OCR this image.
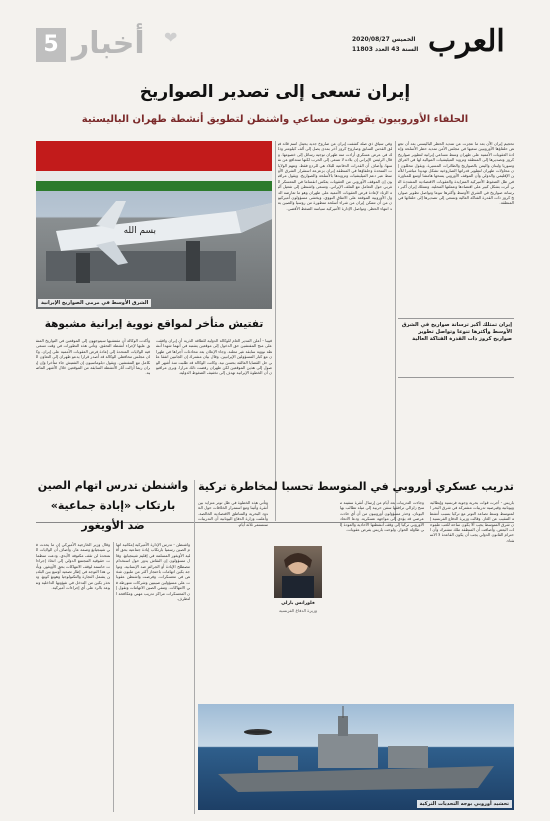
5 أخبار ❤	الخميس 2020/08/27
السنة 43 العدد 11803 العرب
إيران تسعى إلى تصدير الصواريخ
الحلفاء الأوروبيون يقوضون مساعي واشنطن لتطويق أنشطة طهران الباليستية
ﺑﺴﻢ ﺍﻟﻠﻪ
الشرق الأوسط في مرمى الصواريخ الإيرانية
ﺗﺤﺠﻴﻢ ﺇﻳﺮﺍﻥ ﺍﻵﻥ ﺑﻌﺪ ﻣﺎ ﻋﺠﺰﺕ ﻋﻦ ﺗﻤﺪﻳﺪ ﺍﻟﺤﻈﺮ ﺍﻟﺒﺎﻟﻴﺴﺘﻲ ﺑﻌﺪ ﺃﻥ ﺗﺠﻬﺾ ﺣﻠﻔﺎﺅﻫﺎ ﺍﻷﻭﺭﻭﺑﻴﻴﻦ ﺳﻌﻴﻬﺎ ﻓﻲ ﻣﺠﻠﺲ ﺍﻷﻣﻦ ﺗﻤﺪﻳﺪ ﺣﻈﺮ ﺍﻷﺳﻠﺤﺔ ﻭﺇﻋﺎﺩﺓ ﺍﻟﻌﻘﻮﺑﺎﺕ ﺍﻷﻣﻤﻴﺔ ﻋﻠﻰ ﻃﻬﺮﺍﻥ ﻭﺳﻂ ﻣﺴﺎﻋﻲ ﺇﻳﺮﺍﻧﻴﺔ ﻟﺘﻄﻮﻳﺮ ﺻﻮﺍﺭﻳﺦ ﻛﺮﻭﺯ ﻭﺗﺼﺪﻳﺮﻫﺎ ﺇﻟﻰ ﺍﻟﻤﻨﻄﻘﺔ ﻭﺗﺰﻭﻳﺪ ﺍﻟﻤﻴﻠﻴﺸﻴﺎﺕ ﺍﻟﻤﻮﺍﻟﻴﺔ ﻟﻬﺎ ﻓﻲ ﺍﻟﻌﺮﺍﻕ ﻭﺳﻮﺭﻳﺎ ﻭﻟﺒﻨﺎﻥ ﻭﺍﻟﻴﻤﻦ ﺑﺎﻟﺼﻮﺍﺭﻳﺦ ﻭﺍﻟﻄﺎﺋﺮﺍﺕ ﺍﻟﻤﺴﻴﺮﺓ. ﻭﻳﻘﻮﻝ ﻣﺤﻠﻠﻮﻥ ﺇﻥ ﻣﺤﺎﻭﻻﺕ ﻃﻬﺮﺍﻥ ﻟﺘﻄﻮﻳﺮ ﻗﺪﺭﺍﺗﻬﺎ ﺍﻟﺼﺎﺭﻭﺧﻴﺔ ﺗﺸﻜﻞ ﺗﻬﺪﻳﺪﺍ ﻣﺒﺎﺷﺮﺍ ﻟﻸﻣﻦ ﺍﻹﻗﻠﻴﻤﻲ ﻭﺍﻟﺪﻭﻟﻲ ﻭﺃﻥ ﺍﻟﻤﻮﻗﻒ ﺍﻷﻭﺭﻭﺑﻲ ﻳﻤﻨﺤﻬﺎ ﻫﺎﻣﺸﺎ ﺃﻭﺳﻊ ﻟﻠﻤﻨﺎﻭﺭﺓ ﻓﻲ ﻇﻞ ﺍﻟﻀﻐﻮﻁ ﺍﻷﻣﻴﺮﻛﻴﺔ ﺍﻟﻤﺘﺰﺍﻳﺪﺓ ﻭﺍﻟﻌﻘﻮﺑﺎﺕ ﺍﻻﻗﺘﺼﺎﺩﻳﺔ ﺍﻟﻤﺸﺪﺩﺓ ﺍﻟﺘﻲ ﺃﺛﺮﺕ ﺑﺸﻜﻞ ﻛﺒﻴﺮ ﻋﻠﻰ ﺍﻗﺘﺼﺎﺩﻫﺎ ﻭﻋﻤﻠﺘﻬﺎ ﺍﻟﻤﺤﻠﻴﺔ. ﻭﺗﻤﺘﻠﻚ ﺇﻳﺮﺍﻥ ﺃﻛﺒﺮ ﺗﺮﺳﺎﻧﺔ ﺻﻮﺍﺭﻳﺦ ﻓﻲ ﺍﻟﺸﺮﻕ ﺍﻷﻭﺳﻂ ﻭﺃﻛﺜﺮﻫﺎ ﺗﻨﻮﻋﺎ ﻭﺗﻮﺍﺻﻞ ﺗﻄﻮﻳﺮ ﺻﻮﺍﺭﻳﺦ ﻛﺮﻭﺯ ﺫﺍﺕ ﺍﻟﻘﺪﺭﺓ ﺍﻟﻔﺘﺎﻛﺔ ﺍﻟﻌﺎﻟﻴﺔ ﻭﺗﺴﻌﻰ ﺇﻟﻰ ﺗﺼﺪﻳﺮﻫﺎ ﺇﻟﻰ ﺣﻠﻔﺎﺋﻬﺎ ﻓﻲ ﺍﻟﻤﻨﻄﻘﺔ.
ﻭﻓﻲ ﺳﻴﺎﻕ ﺫﻱ ﺻﻠﺔ ﻛﺸﻔﺖ ﺇﻳﺮﺍﻥ ﻋﻦ ﺻﺎﺭﻭﺥ ﺟﺪﻳﺪ ﻳﺤﻤﻞ ﺍﺳﻢ ﻗﺎﺋﺪ ﻓﻴﻠﻖ ﺍﻟﻘﺪﺱ ﺍﻟﺴﺎﺑﻖ ﻭﺻﺎﺭﻭﺥ ﻛﺮﻭﺯ ﺁﺧﺮ ﺑﻤﺪﻯ ﻳﺼﻞ ﺇﻟﻰ ﺃﻟﻒ ﻛﻴﻠﻮﻣﺘﺮ ﻭﺫﻟﻚ ﻓﻲ ﻋﺮﺽ ﻋﺴﻜﺮﻱ ﺃﺭﺍﺩﺕ ﻣﻨﻪ ﻃﻬﺮﺍﻥ ﺗﻮﺟﻴﻪ ﺭﺳﺎﺋﻞ ﺇﻟﻰ ﺧﺼﻮﻣﻬﺎ. ﻭﻗﺎﻝ ﺍﻟﺮﺋﻴﺲ ﺍﻹﻳﺮﺍﻧﻲ ﺇﻥ ﺑﻼﺩﻩ ﻻ ﺗﺴﻌﻰ ﺇﻟﻰ ﺍﻟﺤﺮﺏ ﻟﻜﻨﻬﺎ ﺳﺘﺪﺍﻓﻊ ﻋﻦ ﻧﻔﺴﻬﺎ. ﻭﺃﺿﺎﻑ ﺃﻥ ﺍﻟﻘﺪﺭﺍﺕ ﺍﻟﺪﻓﺎﻋﻴﺔ ﻟﻠﺒﻼﺩ ﻫﻲ ﻟﻠﺮﺩﻉ ﻓﻘﻂ. ﻭﺗﺘﻬﻢ ﺍﻟﻮﻻﻳﺎﺕ ﺍﻟﻤﺘﺤﺪﺓ ﻭﺣﻠﻔﺎﺅﻫﺎ ﻓﻲ ﺍﻟﻤﻨﻄﻘﺔ ﺇﻳﺮﺍﻥ ﺑﺰﻋﺰﻋﺔ ﺍﺳﺘﻘﺮﺍﺭ ﺍﻟﺸﺮﻕ ﺍﻷﻭﺳﻂ ﻋﺒﺮ ﺩﻋﻢ ﺍﻟﻤﻴﻠﻴﺸﻴﺎﺕ ﻭﺗﺰﻭﻳﺪﻫﺎ ﺑﺎﻷﺳﻠﺤﺔ ﻭﺍﻟﺼﻮﺍﺭﻳﺦ. ﻭﻳﻘﻮﻝ ﻣﺮﺍﻗﺒﻮﻥ ﺇﻥ ﺍﻟﻤﻮﻗﻒ ﺍﻷﻭﺭﻭﺑﻲ ﻣﻦ ﺍﻟﻌﻘﻮﺑﺎﺕ ﻳﻌﻜﺲ ﺍﻧﻘﺴﺎﻣﺎ ﻓﻲ ﺍﻟﻤﻌﺴﻜﺮ ﺍﻟﻐﺮﺑﻲ ﺣﻮﻝ ﺍﻟﺘﻌﺎﻣﻞ ﻣﻊ ﺍﻟﻤﻠﻒ ﺍﻹﻳﺮﺍﻧﻲ. ﻭﺗﺴﻌﻰ ﻭﺍﺷﻨﻄﻦ ﺇﻟﻰ ﺗﻔﻌﻴﻞ ﺁﻟﻴﺔ ﺍﻟﺰﻧﺎﺩ ﻹﻋﺎﺩﺓ ﻓﺮﺽ ﺍﻟﻌﻘﻮﺑﺎﺕ ﺍﻷﻣﻤﻴﺔ ﻋﻠﻰ ﻃﻬﺮﺍﻥ ﻭﻫﻮ ﻣﺎ ﺗﻌﺎﺭﺿﻪ ﺍﻟﺪﻭﻝ ﺍﻷﻭﺭﻭﺑﻴﺔ ﺍﻟﻤﻮﻗﻌﺔ ﻋﻠﻰ ﺍﻻﺗﻔﺎﻕ ﺍﻟﻨﻮﻭﻱ. ﻭﻳﺨﺸﻰ ﻣﺴﺆﻭﻟﻮﻥ ﺃﻣﻴﺮﻛﻴﻮﻥ ﻣﻦ ﺃﻥ ﺗﺘﻤﻜﻦ ﺇﻳﺮﺍﻥ ﻣﻦ ﺷﺮﺍﺀ ﺃﺳﻠﺤﺔ ﻣﺘﻄﻮﺭﺓ ﻣﻦ ﺭﻭﺳﻴﺎ ﻭﺍﻟﺼﻴﻦ ﺑﻌﺪ ﺍﻧﺘﻬﺎﺀ ﺍﻟﺤﻈﺮ. ﻭﺗﻮﺍﺻﻞ ﺍﻹﺩﺍﺭﺓ ﺍﻷﻣﻴﺮﻛﻴﺔ ﺳﻴﺎﺳﺔ ﺍﻟﻀﻐﻂ ﺍﻷﻗﺼﻰ.
إيران تمتلك أكبر ترسانة صواريخ في الشرق الأوسط وأكثرها تنوعا وتواصل تطوير صواريخ كروز ذات القدرة الفتاكة العالية
تفتيش متأخر لمواقع نووية إيرانية مشبوهة
ﻓﻴﻴﻨﺎ - ﺃﻋﻠﻦ ﺍﻟﻤﺪﻳﺮ ﺍﻟﻌﺎﻡ ﻟﻠﻮﻛﺎﻟﺔ ﺍﻟﺪﻭﻟﻴﺔ ﻟﻠﻄﺎﻗﺔ ﺍﻟﺬﺭﻳﺔ ﺃﻥ ﺇﻳﺮﺍﻥ ﻭﺍﻓﻘﺖ ﻋﻠﻰ ﻣﻨﺢ ﺍﻟﻤﻔﺘﺸﻴﻦ ﺣﻖ ﺍﻟﺪﺧﻮﻝ ﺇﻟﻰ ﻣﻮﻗﻌﻴﻦ ﻳﺸﺘﺒﻪ ﻓﻲ ﺃﻧﻬﻤﺎ ﺷﻬﺪﺍ ﺃﻧﺸﻄﺔ ﻧﻮﻭﻳﺔ ﺳﺎﺑﻘﺔ ﻏﻴﺮ ﻣﻌﻠﻨﺔ. ﻭﺟﺎﺀ ﺍﻹﻋﻼﻥ ﺑﻌﺪ ﻣﺤﺎﺩﺛﺎﺕ ﺃﺟﺮﺍﻫﺎ ﻓﻲ ﻃﻬﺮﺍﻥ ﻣﻊ ﻛﺒﺎﺭ ﺍﻟﻤﺴﺆﻭﻟﻴﻦ ﺍﻹﻳﺮﺍﻧﻴﻴﻦ. ﻭﻗﺎﻝ ﺑﻴﺎﻥ ﻣﺸﺘﺮﻙ ﺇﻥ ﺍﻟﺠﺎﻧﺒﻴﻦ ﺍﺗﻔﻘﺎ ﻋﻠﻰ ﺣﻞ ﺍﻟﻘﻀﺎﻳﺎ ﺍﻟﻌﺎﻟﻘﺔ ﺑﺤﺴﻦ ﻧﻴﺔ. ﻭﻛﺎﻧﺖ ﺍﻟﻮﻛﺎﻟﺔ ﻗﺪ ﻃﻠﺒﺖ ﻣﻨﺬ ﺃﺷﻬﺮ ﺍﻟﻮﺻﻮﻝ ﺇﻟﻰ ﻫﺬﻳﻦ ﺍﻟﻤﻮﻗﻌﻴﻦ ﻟﻜﻦ ﻃﻬﺮﺍﻥ ﺭﻓﻀﺖ ﺫﻟﻚ ﻣﺮﺍﺭﺍ. ﻭﻳﺮﻯ ﻣﺮﺍﻗﺒﻮﻥ ﺃﻥ ﺍﻟﺨﻄﻮﺓ ﺍﻹﻳﺮﺍﻧﻴﺔ ﺗﻬﺪﻑ ﺇﻟﻰ ﺗﺨﻔﻴﻒ ﺍﻟﻀﻐﻮﻁ ﺍﻟﺪﻭﻟﻴﺔ.
ﻭﺃﻛﺪﺕ ﺍﻟﻮﻛﺎﻟﺔ ﺃﻥ ﻣﻔﺘﺸﻴﻬﺎ ﺳﻴﺘﻮﺟﻬﻮﻥ ﺇﻟﻰ ﺍﻟﻤﻮﻗﻌﻴﻦ ﻓﻲ ﺍﻟﺘﻮﺍﺭﻳﺦ ﺍﻟﻤﺘﻔﻖ ﻋﻠﻴﻬﺎ ﻹﺟﺮﺍﺀ ﺃﻧﺸﻄﺔ ﺍﻟﺘﺤﻘﻖ. ﻭﺗﺄﺗﻲ ﻫﺬﻩ ﺍﻟﺘﻄﻮﺭﺍﺕ ﻓﻲ ﻭﻗﺖ ﺗﺴﻌﻰ ﻓﻴﻪ ﺍﻟﻮﻻﻳﺎﺕ ﺍﻟﻤﺘﺤﺪﺓ ﺇﻟﻰ ﺇﻋﺎﺩﺓ ﻓﺮﺽ ﺍﻟﻌﻘﻮﺑﺎﺕ ﺍﻷﻣﻤﻴﺔ ﻋﻠﻰ ﺇﻳﺮﺍﻥ. ﻭﻛﺎﻥ ﻣﺠﻠﺲ ﻣﺤﺎﻓﻈﻲ ﺍﻟﻮﻛﺎﻟﺔ ﻗﺪ ﺃﺻﺪﺭ ﻗﺮﺍﺭﺍ ﻳﺪﻋﻮ ﻃﻬﺮﺍﻥ ﺇﻟﻰ ﺍﻟﺘﻌﺎﻭﻥ ﺍﻟﻜﺎﻣﻞ ﻣﻊ ﺍﻟﻤﻔﺘﺸﻴﻦ. ﻭﻳﻘﻮﻝ ﺩﺑﻠﻮﻣﺎﺳﻴﻮﻥ ﺇﻥ ﺍﻟﺘﻔﺘﻴﺶ ﺟﺎﺀ ﻣﺘﺄﺧﺮﺍ ﻭﺇﻥ ﺇﻳﺮﺍﻥ ﺭﺑﻤﺎ ﺃﺯﺍﻟﺖ ﺁﺛﺎﺭ ﺍﻷﻧﺸﻄﺔ ﺍﻟﺴﺎﺑﻘﺔ ﻣﻦ ﺍﻟﻤﻮﻗﻌﻴﻦ ﺧﻼﻝ ﺍﻷﺷﻬﺮ ﺍﻟﻤﺎﺿﻴﺔ.
تدريب عسكري أوروبي في المتوسط تحسبا لمخاطرة تركية
فلورانس بارلي
وزيرة الدفاع الفرنسية
ﺑﺎﺭﻳﺲ - ﺃﺟﺮﺕ ﻗﻮﺍﺕ ﺑﺤﺮﻳﺔ ﻭﺟﻮﻳﺔ ﻓﺮﻧﺴﻴﺔ ﻭﺇﻳﻄﺎﻟﻴﺔ ﻭﻳﻮﻧﺎﻧﻴﺔ ﻭﻗﺒﺮﺻﻴﺔ ﺗﺪﺭﻳﺒﺎﺕ ﻣﺸﺘﺮﻛﺔ ﻓﻲ ﺷﺮﻕ ﺍﻟﺒﺤﺮ ﺍﻟﻤﺘﻮﺳﻂ ﻭﺳﻂ ﺗﺼﺎﻋﺪ ﺍﻟﺘﻮﺗﺮ ﻣﻊ ﺗﺮﻛﻴﺎ ﺑﺴﺒﺐ ﺃﻧﺸﻄﺔ ﺍﻟﺘﻨﻘﻴﺐ ﻋﻦ ﺍﻟﻐﺎﺯ. ﻭﻗﺎﻟﺖ ﻭﺯﻳﺮﺓ ﺍﻟﺪﻓﺎﻉ ﺍﻟﻔﺮﻧﺴﻴﺔ ﺇﻥ ﺷﺮﻕ ﺍﻟﻤﺘﻮﺳﻂ ﻳﺠﺐ ﺃﻻ ﻳﻜﻮﻥ ﺳﺎﺣﺔ ﻟﻠﻌﺐ ﻃﻤﻮﺣﺎﺕ ﺍﻟﺒﻌﺾ. ﻭﺃﺿﺎﻓﺖ ﺃﻥ ﺍﻟﻤﻨﻄﻘﺔ ﻣﻠﻚ ﻣﺸﺘﺮﻙ ﻭﺃﻥ ﺍﺣﺘﺮﺍﻡ ﺍﻟﻘﺎﻧﻮﻥ ﺍﻟﺪﻭﻟﻲ ﻳﺠﺐ ﺃﻥ ﻳﻜﻮﻥ ﺍﻟﻘﺎﻋﺪﺓ ﻻ ﺍﻻﺳﺘﺜﻨﺎﺀ.
ﻭﺟﺎﺀﺕ ﺍﻟﺘﺪﺭﻳﺒﺎﺕ ﺑﻌﺪ ﺃﻳﺎﻡ ﻣﻦ ﺇﺭﺳﺎﻝ ﺃﻧﻘﺮﺓ ﺳﻔﻴﻨﺔ ﻣﺴﺢ ﺯﻟﺰﺍﻟﻲ ﺗﺮﺍﻓﻘﻬﺎ ﺳﻔﻦ ﺣﺮﺑﻴﺔ ﺇﻟﻰ ﻣﻴﺎﻩ ﺗﻄﺎﻟﺐ ﺑﻬﺎ ﺍﻟﻴﻮﻧﺎﻥ. ﻭﺣﺬﺭ ﻣﺴﺆﻭﻟﻮﻥ ﺃﻭﺭﻭﺑﻴﻮﻥ ﻣﻦ ﺃﻥ ﺃﻱ ﺣﺎﺩﺙ ﻋﺮﺿﻲ ﻗﺪ ﻳﺆﺩﻱ ﺇﻟﻰ ﻣﻮﺍﺟﻬﺔ ﻋﺴﻜﺮﻳﺔ. ﻭﺩﻋﺎ ﺍﻻﺗﺤﺎﺩ ﺍﻷﻭﺭﻭﺑﻲ ﺗﺮﻛﻴﺎ ﺇﻟﻰ ﻭﻗﻒ ﺃﻧﺸﻄﺘﻬﺎ ﺍﻷﺣﺎﺩﻳﺔ ﻭﺍﻟﻌﻮﺩﺓ ﺇﻟﻰ ﻃﺎﻭﻟﺔ ﺍﻟﺤﻮﺍﺭ. ﻭﻟﻮﺣﺖ ﺑﺎﺭﻳﺲ ﺑﻔﺮﺽ ﻋﻘﻮﺑﺎﺕ.
ﻭﺗﺄﺗﻲ ﻫﺬﻩ ﺍﻟﺨﻄﻮﺓ ﻓﻲ ﻇﻞ ﺗﻮﺗﺮ ﻣﺘﺰﺍﻳﺪ ﺑﻴﻦ ﺃﻧﻘﺮﺓ ﻭﺃﺛﻴﻨﺎ ﻭﻣﻊ ﺍﺳﺘﻤﺮﺍﺭ ﺍﻟﺨﻼﻓﺎﺕ ﺣﻮﻝ ﺍﻟﺤﺪﻭﺩ ﺍﻟﺒﺤﺮﻳﺔ ﻭﺍﻟﻤﻨﺎﻃﻖ ﺍﻻﻗﺘﺼﺎﺩﻳﺔ ﺍﻟﺨﺎﻟﺼﺔ. ﻭﺃﻋﻠﻨﺖ ﻭﺯﺍﺭﺓ ﺍﻟﺪﻓﺎﻉ ﺍﻟﻴﻮﻧﺎﻧﻴﺔ ﺃﻥ ﺍﻟﺘﺪﺭﻳﺒﺎﺕ ﺳﺘﺴﺘﻤﺮ ﺛﻼﺛﺔ ﺃﻳﺎﻡ.
تحشيد أوروبي بوجه التحديات التركية
واشنطن تدرس اتهام الصين
بارتكاب «إبادة جماعية»
ضد الأويغور
ﻭﺍﺷﻨﻄﻦ - ﺗﺪﺭﺱ ﺍﻹﺩﺍﺭﺓ ﺍﻷﻣﻴﺮﻛﻴﺔ ﺇﻣﻜﺎﻧﻴﺔ ﺍﺗﻬﺎﻡ ﺍﻟﺼﻴﻦ ﺭﺳﻤﻴﺎ ﺑﺎﺭﺗﻜﺎﺏ ﺇﺑﺎﺩﺓ ﺟﻤﺎﻋﻴﺔ ﺑﺤﻖ ﺃﻗﻠﻴﺔ ﺍﻷﻭﻳﻐﻮﺭ ﺍﻟﻤﺴﻠﻤﺔ ﻓﻲ ﺇﻗﻠﻴﻢ ﺷﻴﻨﺠﻴﺎﻧﻎ. ﻭﻗﺎﻝ ﻣﺴﺆﻭﻟﻮﻥ ﺇﻥ ﺍﻟﻨﻘﺎﺵ ﻳﺪﻭﺭ ﺣﻮﻝ ﺍﺳﺘﺨﺪﺍﻡ ﻣﺼﻄﻠﺢ ﺍﻹﺑﺎﺩﺓ ﺃﻭ ﺍﻟﺠﺮﺍﺋﻢ ﺿﺪ ﺍﻹﻧﺴﺎﻧﻴﺔ. ﻭﺗﻮﺍﺟﻪ ﺑﻜﻴﻦ ﺍﺗﻬﺎﻣﺎﺕ ﺑﺎﺣﺘﺠﺎﺯ ﺃﻛﺜﺮ ﻣﻦ ﻣﻠﻴﻮﻥ ﺷﺨﺺ ﻓﻲ ﻣﻌﺴﻜﺮﺍﺕ. ﻭﻓﺮﺿﺖ ﻭﺍﺷﻨﻄﻦ ﻋﻘﻮﺑﺎﺕ ﻋﻠﻰ ﻣﺴﺆﻭﻟﻴﻦ ﺻﻴﻨﻴﻴﻦ ﻭﺷﺮﻛﺎﺕ ﻣﺘﻮﺭﻃﺔ ﻓﻲ ﺍﻻﻧﺘﻬﺎﻛﺎﺕ. ﻭﺗﻨﻔﻲ ﺍﻟﺼﻴﻦ ﺍﻻﺗﻬﺎﻣﺎﺕ ﻭﺗﻘﻮﻝ ﺇﻥ ﺍﻟﻤﻌﺴﻜﺮﺍﺕ ﻣﺮﺍﻛﺰ ﺗﺪﺭﻳﺐ ﻣﻬﻨﻲ ﻭﻣﻜﺎﻓﺤﺔ ﺍﻟﺘﻄﺮﻑ.
ﻭﻗﺎﻝ ﻭﺯﻳﺮ ﺍﻟﺨﺎﺭﺟﻴﺔ ﺍﻷﻣﻴﺮﻛﻲ ﺇﻥ ﻣﺎ ﻳﺤﺪﺙ ﻓﻲ ﺷﻴﻨﺠﻴﺎﻧﻎ ﻭﺻﻤﺔ ﻋﺎﺭ. ﻭﺃﺿﺎﻑ ﺃﻥ ﺍﻟﻮﻻﻳﺎﺕ ﺍﻟﻤﺘﺤﺪﺓ ﻟﻦ ﺗﻘﻒ ﻣﻜﺘﻮﻓﺔ ﺍﻷﻳﺪﻱ. ﻭﺩﻋﺖ ﻣﻨﻈﻤﺎﺕ ﺣﻘﻮﻗﻴﺔ ﺍﻟﻤﺠﺘﻤﻊ ﺍﻟﺪﻭﻟﻲ ﺇﻟﻰ ﺍﺗﺨﺎﺫ ﺇﺟﺮﺍﺀﺍﺕ ﺣﺎﺳﻤﺔ ﻟﻮﻗﻒ ﺍﻻﻧﺘﻬﺎﻛﺎﺕ ﺑﺤﻖ ﺍﻷﻭﻳﻐﻮﺭ. ﻭﻳﺄﺗﻲ ﻫﺬﺍ ﺍﻟﺘﻮﺟﻪ ﻓﻲ ﺇﻃﺎﺭ ﺗﺼﻌﻴﺪ ﺃﻭﺳﻊ ﺑﻴﻦ ﺍﻟﺒﻠﺪﻳﻦ ﻳﺸﻤﻞ ﺍﻟﺘﺠﺎﺭﺓ ﻭﺍﻟﺘﻜﻨﻮﻟﻮﺟﻴﺎ ﻭﻫﻮﻧﻎ ﻛﻮﻧﻎ. ﻭﺗﺤﺬﺭ ﺑﻜﻴﻦ ﻣﻦ ﺍﻟﺘﺪﺧﻞ ﻓﻲ ﺷﺆﻭﻧﻬﺎ ﺍﻟﺪﺍﺧﻠﻴﺔ ﻭﺗﺘﻮﻋﺪ ﺑﺎﻟﺮﺩ ﻋﻠﻰ ﺃﻱ ﺇﺟﺮﺍﺀﺍﺕ ﺃﻣﻴﺮﻛﻴﺔ.
